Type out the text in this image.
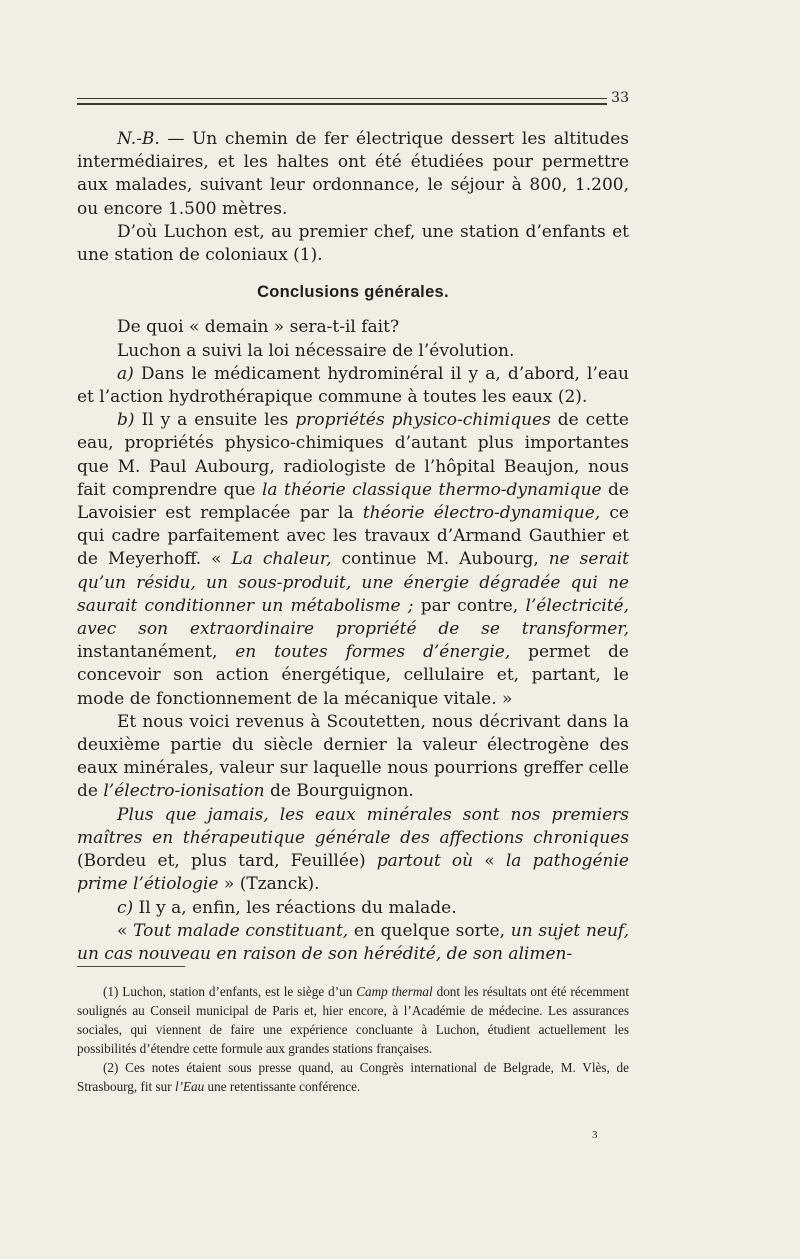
33

N.-B. — Un chemin de fer électrique dessert les altitudes intermédiaires, et les haltes ont été étudiées pour permettre aux malades, suivant leur ordonnance, le séjour à 800, 1.200, ou encore 1.500 mètres.

D’où Luchon est, au premier chef, une station d’enfants et une station de coloniaux (1).

Conclusions générales.

De quoi « demain » sera-t-il fait?

Luchon a suivi la loi nécessaire de l’évolution.

a) Dans le médicament hydrominéral il y a, d’abord, l’eau et l’action hydrothérapique commune à toutes les eaux (2).

b) Il y a ensuite les propriétés physico-chimiques de cette eau, propriétés physico-chimiques d’autant plus importantes que M. Paul Aubourg, radiologiste de l’hôpital Beaujon, nous fait comprendre que la théorie classique thermo-dynamique de Lavoisier est remplacée par la théorie électro-dynamique, ce qui cadre parfaitement avec les travaux d’Armand Gauthier et de Meyerhoff. « La chaleur, continue M. Aubourg, ne serait qu’un résidu, un sous-produit, une énergie dégradée qui ne saurait conditionner un métabolisme ; par contre, l’électricité, avec son extraordinaire propriété de se transformer, instantanément, en toutes formes d’énergie, permet de concevoir son action énergétique, cellulaire et, partant, le mode de fonctionnement de la mécanique vitale. »

Et nous voici revenus à Scoutetten, nous décrivant dans la deuxième partie du siècle dernier la valeur électrogène des eaux minérales, valeur sur laquelle nous pourrions greffer celle de l’électro-ionisation de Bourguignon.

Plus que jamais, les eaux minérales sont nos premiers maîtres en thérapeutique générale des affections chroniques (Bordeu et, plus tard, Feuillée) partout où « la pathogénie prime l’étiologie » (Tzanck).

c) Il y a, enfin, les réactions du malade.

« Tout malade constituant, en quelque sorte, un sujet neuf, un cas nouveau en raison de son hérédité, de son alimen-

(1) Luchon, station d’enfants, est le siège d’un Camp thermal dont les résultats ont été récemment soulignés au Conseil municipal de Paris et, hier encore, à l’Académie de médecine. Les assurances sociales, qui viennent de faire une expérience concluante à Luchon, étudient actuellement les possibilités d’étendre cette formule aux grandes stations françaises.

(2) Ces notes étaient sous presse quand, au Congrès international de Belgrade, M. Vlès, de Strasbourg, fit sur l’Eau une retentissante conférence.

3
